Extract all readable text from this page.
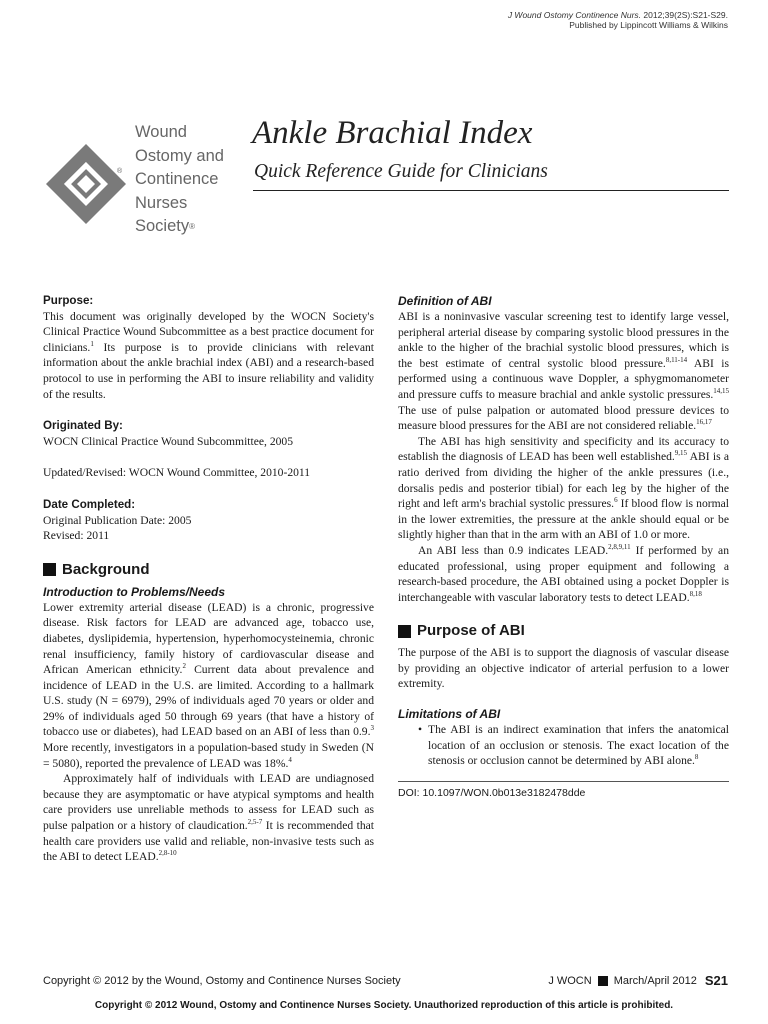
J Wound Ostomy Continence Nurs. 2012;39(2S):S21-S29.
Published by Lippincott Williams & Wilkins
®
Wound
Ostomy and
Continence
Nurses
Society®
Ankle Brachial Index
Quick Reference Guide for Clinicians
Purpose:

This document was originally developed by the WOCN Society's Clinical Practice Wound Subcommittee as a best practice document for clinicians.$^1$ Its purpose is to provide clinicians with relevant information about the ankle brachial index (ABI) and a research-based protocol to use in performing the ABI to insure reliability and validity of the results.

Originated By:

WOCN Clinical Practice Wound Subcommittee, 2005

Updated/Revised: WOCN Wound Committee, 2010-2011

Date Completed:

Original Publication Date: 2005

Revised: 2011

Background
Introduction to Problems/Needs

Lower extremity arterial disease (LEAD) is a chronic, progressive disease. Risk factors for LEAD are advanced age, tobacco use, diabetes, dyslipidemia, hypertension, hyperhomocysteinemia, chronic renal insufficiency, family history of cardiovascular disease and African American ethnicity.$^2$ Current data about prevalence and incidence of LEAD in the U.S. are limited. According to a hallmark U.S. study (N = 6979), 29% of individuals aged 70 years or older and 29% of individuals aged 50 through 69 years (that have a history of tobacco use or diabetes), had LEAD based on an ABI of less than 0.9.$^3$ More recently, investigators in a population-based study in Sweden (N = 5080), reported the prevalence of LEAD was 18%.$^4$

Approximately half of individuals with LEAD are undiagnosed because they are asymptomatic or have atypical symptoms and health care providers use unreliable methods to assess for LEAD such as pulse palpation or a history of claudication.$^{2,5-7}$ It is recommended that health care providers use valid and reliable, non-invasive tests such as the ABI to detect LEAD.$^{2,8-10}$

Definition of ABI

ABI is a noninvasive vascular screening test to identify large vessel, peripheral arterial disease by comparing systolic blood pressures in the ankle to the higher of the brachial systolic blood pressures, which is the best estimate of central systolic blood pressure.$^{8,11-14}$ ABI is performed using a continuous wave Doppler, a sphygmomanometer and pressure cuffs to measure brachial and ankle systolic pressures.$^{14,15}$ The use of pulse palpation or automated blood pressure devices to measure blood pressures for the ABI are not considered reliable.$^{16,17}$

The ABI has high sensitivity and specificity and its accuracy to establish the diagnosis of LEAD has been well established.$^{9,15}$ ABI is a ratio derived from dividing the higher of the ankle pressures (i.e., dorsalis pedis and posterior tibial) for each leg by the higher of the right and left arm's brachial systolic pressures.$^6$ If blood flow is normal in the lower extremities, the pressure at the ankle should equal or be slightly higher than that in the arm with an ABI of 1.0 or more.

An ABI less than 0.9 indicates LEAD.$^{2,8,9,11}$ If performed by an educated professional, using proper equipment and following a research-based procedure, the ABI obtained using a pocket Doppler is interchangeable with vascular laboratory tests to detect LEAD.$^{8,18}$

Purpose of ABI

The purpose of the ABI is to support the diagnosis of vascular disease by providing an objective indicator of arterial perfusion to a lower extremity.

Limitations of ABI
• The ABI is an indirect examination that infers the anatomical location of an occlusion or stenosis. The exact location of the stenosis or occlusion cannot be determined by ABI alone.$^8$

DOI: 10.1097/WON.0b013e3182478dde
Copyright © 2012 by the Wound, Ostomy and Continence Nurses Society	J WOCN March/April 2012 S21
Copyright © 2012 Wound, Ostomy and Continence Nurses Society. Unauthorized reproduction of this article is prohibited.
